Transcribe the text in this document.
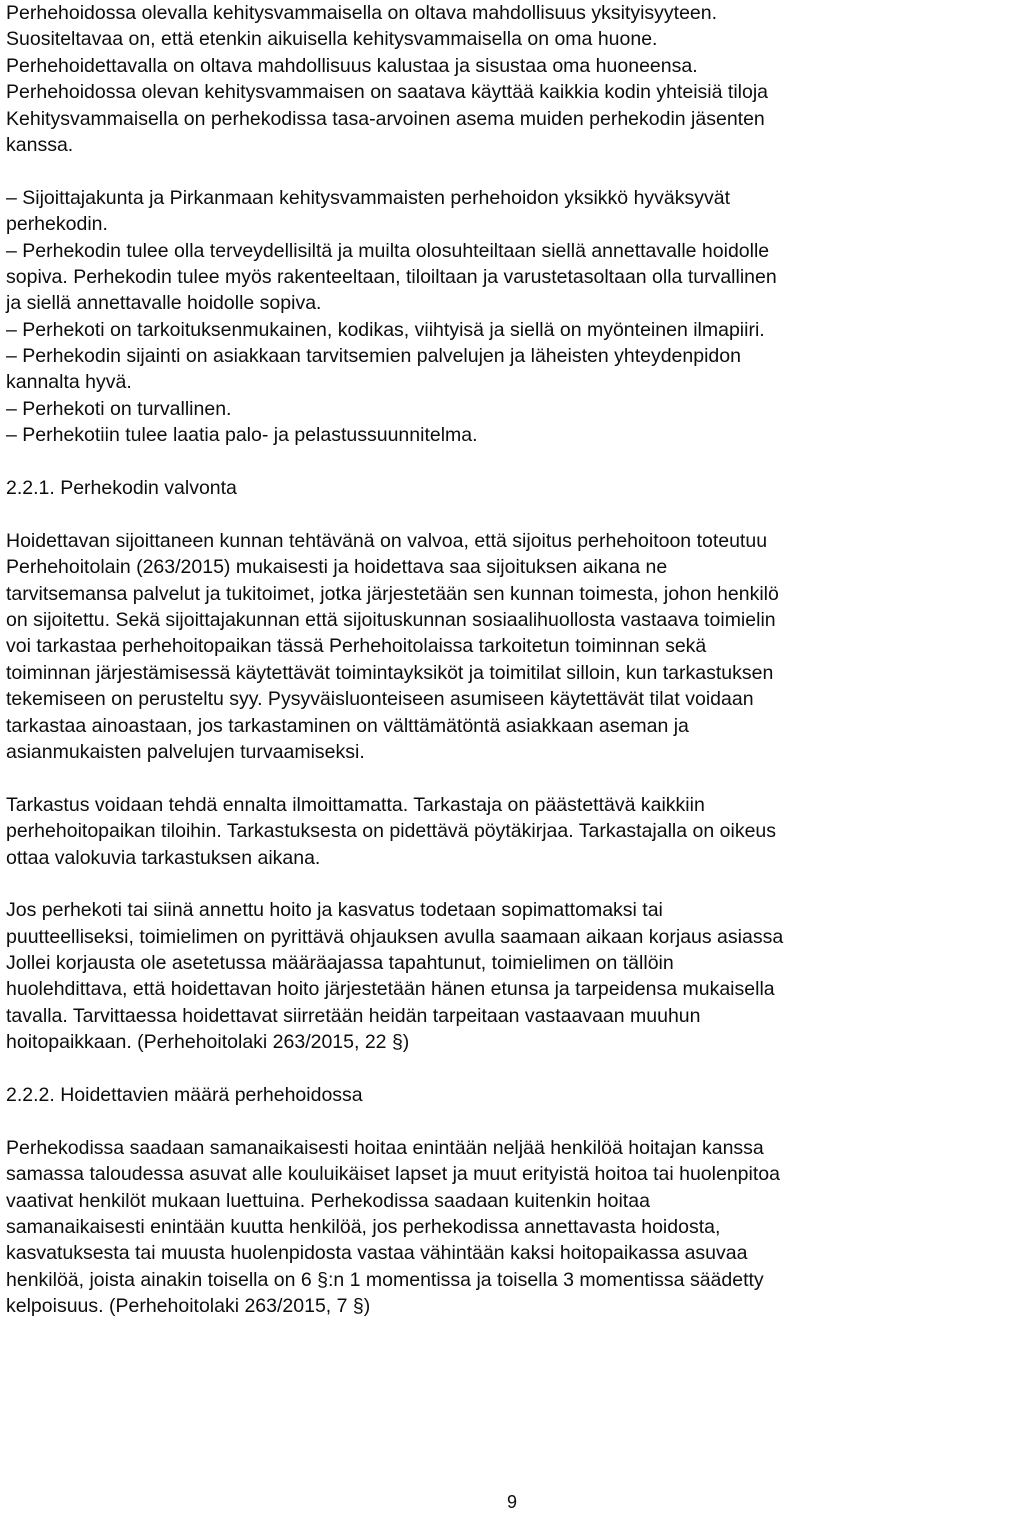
Perhehoidossa olevalla kehitysvammaisella on oltava mahdollisuus yksityisyyteen.
Suositeltavaa on, että etenkin aikuisella kehitysvammaisella on oma huone.
Perhehoidettavalla on oltava mahdollisuus kalustaa ja sisustaa oma huoneensa.
Perhehoidossa olevan kehitysvammaisen on saatava käyttää kaikkia kodin yhteisiä tiloja
Kehitysvammaisella on perhekodissa tasa-arvoinen asema muiden perhekodin jäsenten
kanssa.
– Sijoittajakunta ja Pirkanmaan kehitysvammaisten perhehoidon yksikkö hyväksyvät
perhekodin.
– Perhekodin tulee olla terveydellisiltä ja muilta olosuhteiltaan siellä annettavalle hoidolle
sopiva. Perhekodin tulee myös rakenteeltaan, tiloiltaan ja varustetasoltaan olla turvallinen
ja siellä annettavalle hoidolle sopiva.
– Perhekoti on tarkoituksenmukainen, kodikas, viihtyisä ja siellä on myönteinen ilmapiiri.
– Perhekodin sijainti on asiakkaan tarvitsemien palvelujen ja läheisten yhteydenpidon
kannalta hyvä.
– Perhekoti on turvallinen.
– Perhekotiin tulee laatia palo- ja pelastussuunnitelma.
2.2.1. Perhekodin valvonta
Hoidettavan sijoittaneen kunnan tehtävänä on valvoa, että sijoitus perhehoitoon toteutuu
Perhehoitolain (263/2015) mukaisesti ja hoidettava saa sijoituksen aikana ne
tarvitsemansa palvelut ja tukitoimet, jotka järjestetään sen kunnan toimesta, johon henkilö
on sijoitettu. Sekä sijoittajakunnan että sijoituskunnan sosiaalihuollosta vastaava toimielin
voi tarkastaa perhehoitopaikan tässä Perhehoitolaissa tarkoitetun toiminnan sekä
toiminnan järjestämisessä käytettävät toimintayksiköt ja toimitilat silloin, kun tarkastuksen
tekemiseen on perusteltu syy. Pysyväisluonteiseen asumiseen käytettävät tilat voidaan
tarkastaa ainoastaan, jos tarkastaminen on välttämätöntä asiakkaan aseman ja
asianmukaisten palvelujen turvaamiseksi.
Tarkastus voidaan tehdä ennalta ilmoittamatta. Tarkastaja on päästettävä kaikkiin
perhehoitopaikan tiloihin. Tarkastuksesta on pidettävä pöytäkirjaa. Tarkastajalla on oikeus
ottaa valokuvia tarkastuksen aikana.
Jos perhekoti tai siinä annettu hoito ja kasvatus todetaan sopimattomaksi tai
puutteelliseksi, toimielimen on pyrittävä ohjauksen avulla saamaan aikaan korjaus asiassa
Jollei korjausta ole asetetussa määräajassa tapahtunut, toimielimen on tällöin
huolehdittava, että hoidettavan hoito järjestetään hänen etunsa ja tarpeidensa mukaisella
tavalla. Tarvittaessa hoidettavat siirretään heidän tarpeitaan vastaavaan muuhun
hoitopaikkaan. (Perhehoitolaki 263/2015, 22 §)
2.2.2. Hoidettavien määrä perhehoidossa
Perhekodissa saadaan samanaikaisesti hoitaa enintään neljää henkilöä hoitajan kanssa
samassa taloudessa asuvat alle kouluikäiset lapset ja muut erityistä hoitoa tai huolenpitoa
vaativat henkilöt mukaan luettuina. Perhekodissa saadaan kuitenkin hoitaa
samanaikaisesti enintään kuutta henkilöä, jos perhekodissa annettavasta hoidosta,
kasvatuksesta tai muusta huolenpidosta vastaa vähintään kaksi hoitopaikassa asuvaa
henkilöä, joista ainakin toisella on 6 §:n 1 momentissa ja toisella 3 momentissa säädetty
kelpoisuus. (Perhehoitolaki 263/2015, 7 §)
9
